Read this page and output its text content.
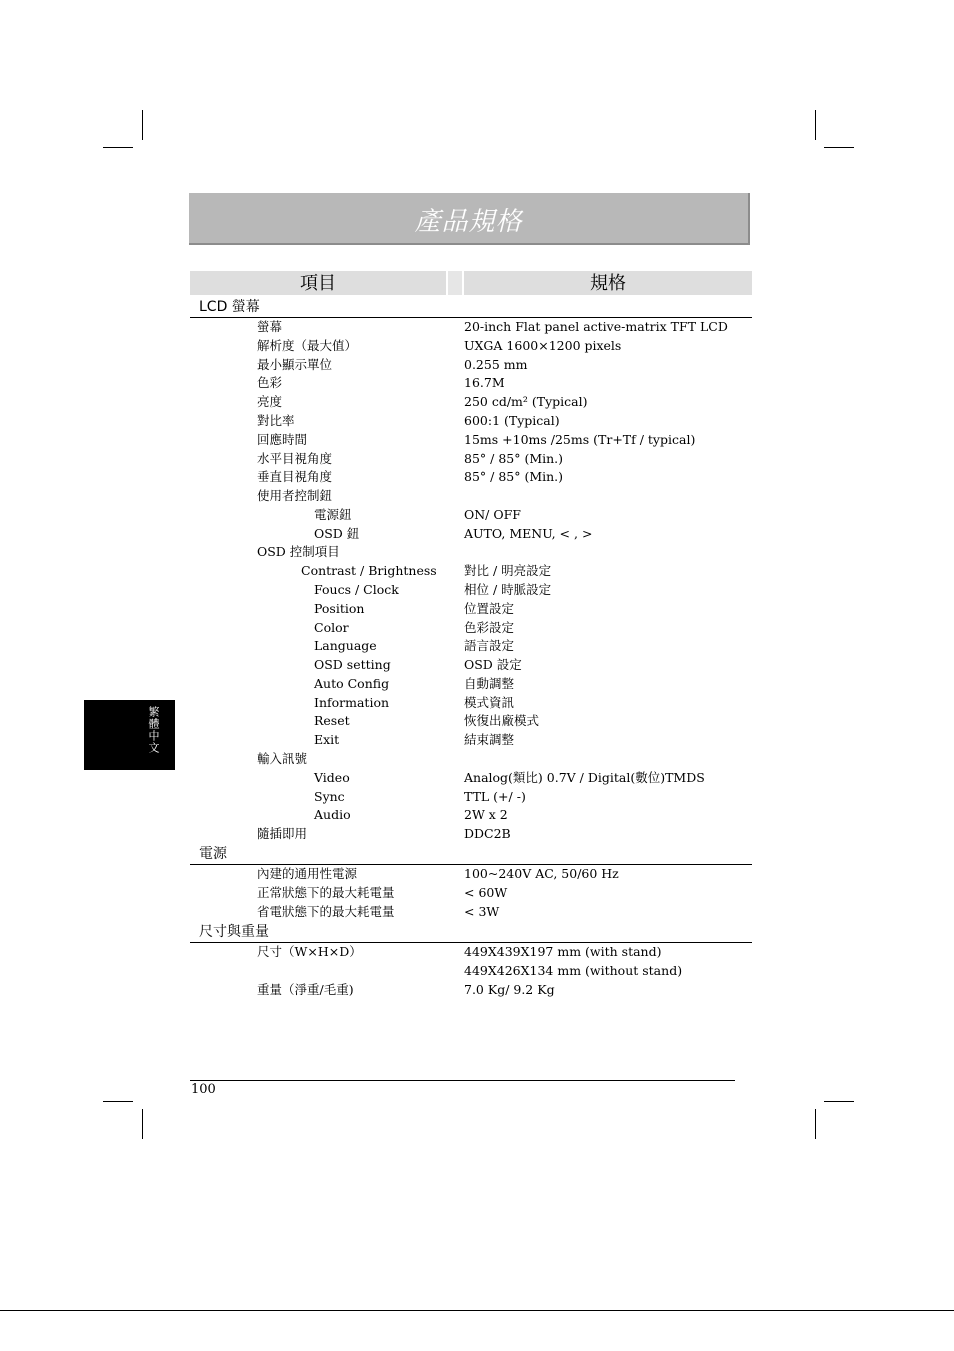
產品規格
項目	規格
LCD 螢幕
螢幕	20-inch Flat panel active-matrix TFT LCD
解析度（最大值）	UXGA 1600×1200 pixels
最小顯示單位	0.255 mm
色彩	16.7M
亮度	250 cd/m² (Typical)
對比率	600:1 (Typical)
回應時間	15ms +10ms /25ms (Tr+Tf / typical)
水平目視角度	85° / 85° (Min.)
垂直目視角度	85° / 85° (Min.)
使用者控制鈕
電源鈕	ON/ OFF
OSD 鈕	AUTO, MENU, < , >
OSD 控制項目
Contrast / Brightness 對比 / 明亮設定
Foucs / Clock	相位 / 時脈設定
Position	位置設定
Color	色彩設定
Language	語言設定
OSD setting	OSD 設定
Auto Config	自動調整
Information	模式資訊
Reset	恢復出廠模式
Exit	結束調整
輸入訊號
Video	Analog(類比) 0.7V / Digital(數位)TMDS
Sync	TTL (+/ -)
Audio	2W x 2
隨插即用	DDC2B
電源
內建的通用性電源	100~240V AC, 50/60 Hz
正常狀態下的最大耗電量	< 60W
省電狀態下的最大耗電量	< 3W
尺寸與重量
尺寸（W×H×D）	449X439X197 mm (with stand)
449X426X134 mm (without stand)
重量（淨重/毛重)	7.0 Kg/ 9.2 Kg
繁體中文
100
